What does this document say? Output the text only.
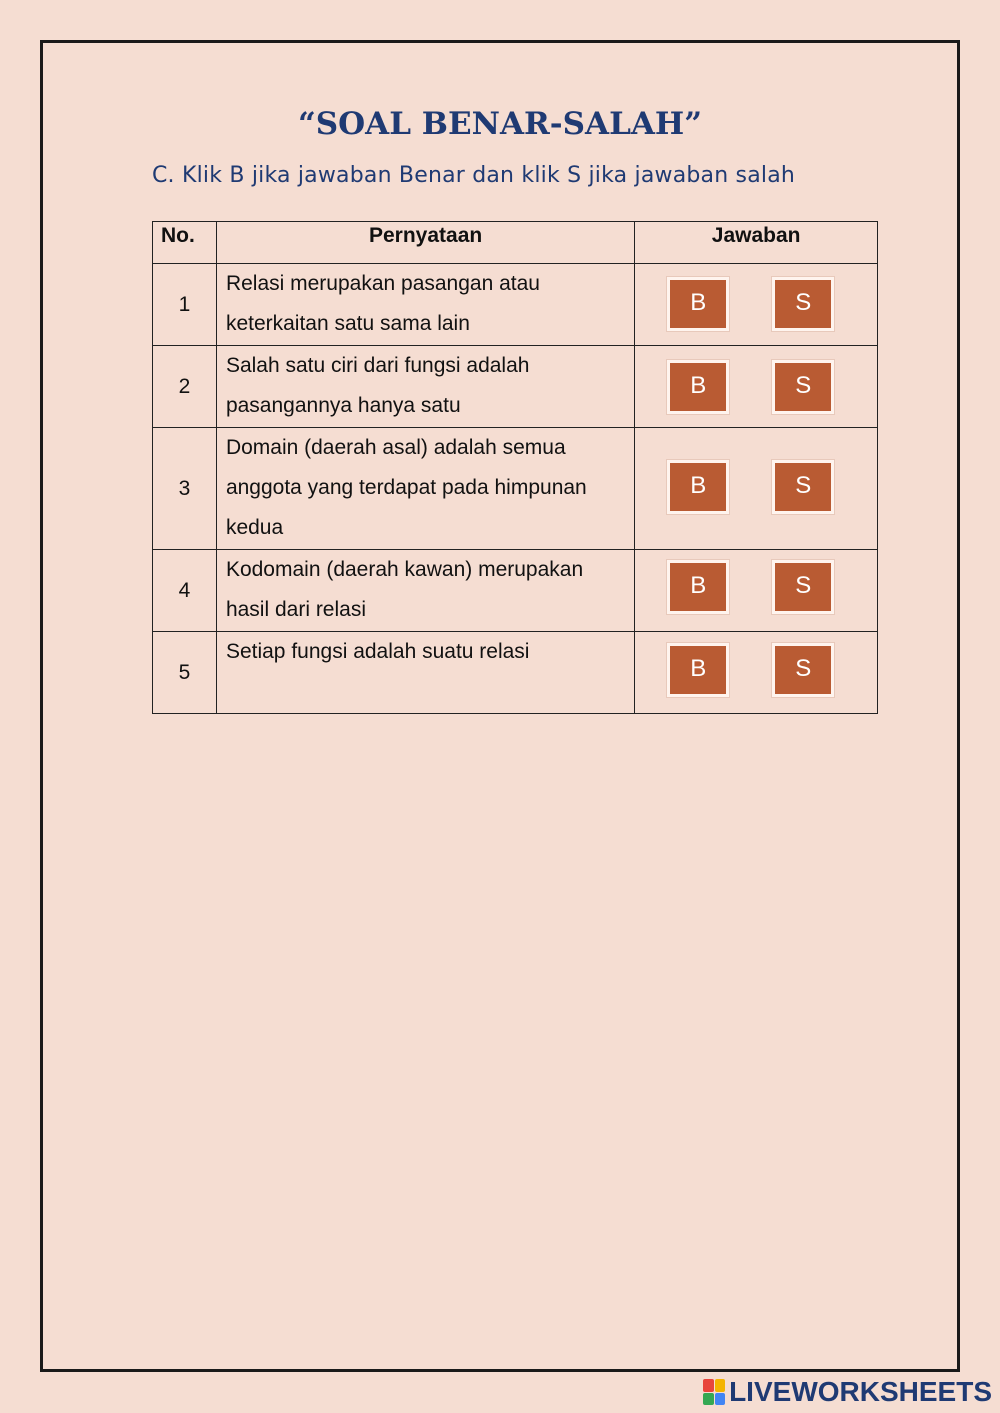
“SOAL BENAR-SALAH”
C. Klik B jika jawaban Benar dan klik S jika jawaban salah
No.	Pernyataan	Jawaban
1	Relasi merupakan pasangan atau keterkaitan satu sama lain	B S

2	Salah satu ciri dari fungsi adalah pasangannya hanya satu	B S

3	Domain (daerah asal) adalah semua anggota yang terdapat pada himpunan kedua	B S

4	Kodomain (daerah kawan) merupakan hasil dari relasi	B S

5	Setiap fungsi adalah suatu relasi	B S
LIVEWORKSHEETS
